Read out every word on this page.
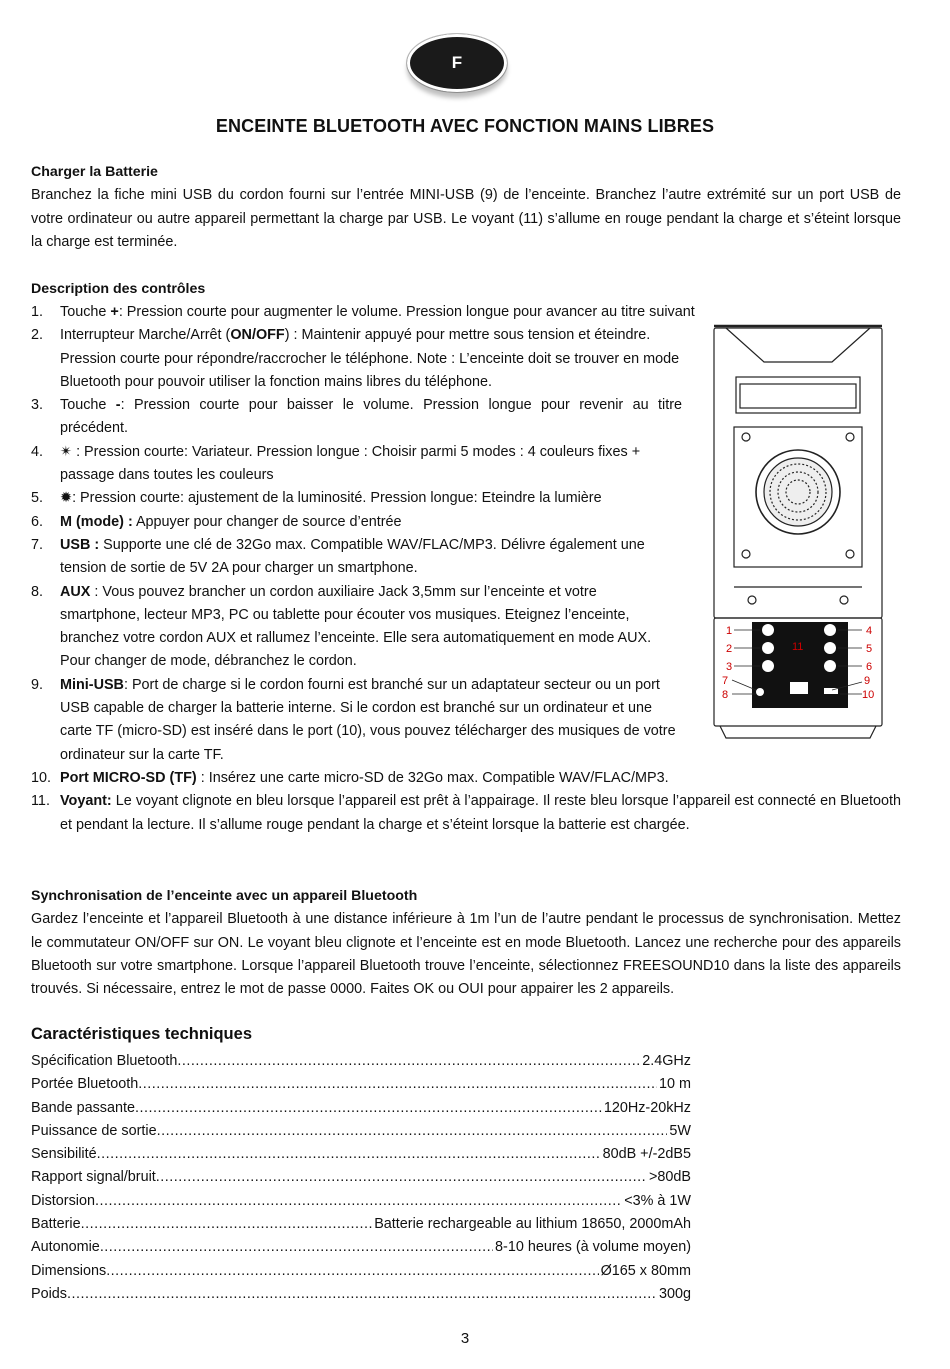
F
ENCEINTE BLUETOOTH AVEC FONCTION MAINS LIBRES
Charger la Batterie

Branchez la fiche mini USB du cordon fourni sur l’entrée MINI-USB (9) de l’enceinte. Branchez l’autre extrémité sur un port USB de votre ordinateur ou autre appareil permettant la charge par USB. Le voyant (11) s’allume en rouge pendant la charge et s’éteint lorsque la charge est terminée.

Description des contrôles
1. Touche +: Pression courte pour augmenter le volume. Pression longue pour avancer au titre suivant
2. Interrupteur Marche/Arrêt (ON/OFF) : Maintenir appuyé pour mettre sous tension et éteindre. Pression courte pour répondre/raccrocher le téléphone. Note : L’enceinte doit se trouver en mode Bluetooth pour pouvoir utiliser la fonction mains libres du téléphone.
3. Touche -: Pression courte pour baisser le volume. Pression longue pour revenir au titre précédent.
4. ✴ : Pression courte: Variateur. Pression longue : Choisir parmi 5 modes : 4 couleurs fixes + passage dans toutes les couleurs
5. ✹: Pression courte: ajustement de la luminosité. Pression longue: Eteindre la lumière
6. M (mode) : Appuyer pour changer de source d’entrée
7. USB : Supporte une clé de 32Go max. Compatible WAV/FLAC/MP3. Délivre également une tension de sortie de 5V 2A pour charger un smartphone.
8. AUX : Vous pouvez brancher un cordon auxiliaire Jack 3,5mm sur l’enceinte et votre smartphone, lecteur MP3, PC ou tablette pour écouter vos musiques. Eteignez l’enceinte, branchez votre cordon AUX et rallumez l’enceinte. Elle sera automatiquement en mode AUX. Pour changer de mode, débranchez le cordon.
9. Mini-USB: Port de charge si le cordon fourni est branché sur un adaptateur secteur ou un port USB capable de charger la batterie interne. Si le cordon est branché sur un ordinateur et une carte TF (micro-SD) est inséré dans le port (10), vous pouvez télécharger des musiques de votre ordinateur sur la carte TF.
10. Port MICRO-SD (TF) : Insérez une carte micro-SD de 32Go max. Compatible WAV/FLAC/MP3.
11. Voyant: Le voyant clignote en bleu lorsque l’appareil est prêt à l’appairage. Il reste bleu lorsque l’appareil est connecté en Bluetooth et pendant la lecture. Il s’allume rouge pendant la charge et s’éteint lorsque la batterie est chargée.
1
2
3
7
8
4
5
6
9
10
11
Synchronisation de l’enceinte avec un appareil Bluetooth

Gardez l’enceinte et l’appareil Bluetooth à une distance inférieure à 1m l’un de l’autre pendant le processus de synchronisation. Mettez le commutateur ON/OFF sur ON. Le voyant bleu clignote et l’enceinte est en mode Bluetooth. Lancez une recherche pour des appareils Bluetooth sur votre smartphone. Lorsque l’appareil Bluetooth trouve l’enceinte, sélectionnez FREESOUND10 dans la liste des appareils trouvés. Si nécessaire, entrez le mot de passe 0000. Faites OK ou OUI pour appairer les 2 appareils.

Caractéristiques techniques
Spécification Bluetooth .....	2.4GHz
Portée Bluetooth .....	10 m
Bande passante .....	120Hz-20kHz
Puissance de sortie .....	5W
Sensibilité .....	80dB +/-2dB5
Rapport signal/bruit .....	>80dB
Distorsion .....	<3% à 1W
Batterie .....	Batterie rechargeable au lithium 18650, 2000mAh
Autonomie .....	8-10 heures (à volume moyen)
Dimensions .....	Ø165 x 80mm
Poids .....	300g
3
